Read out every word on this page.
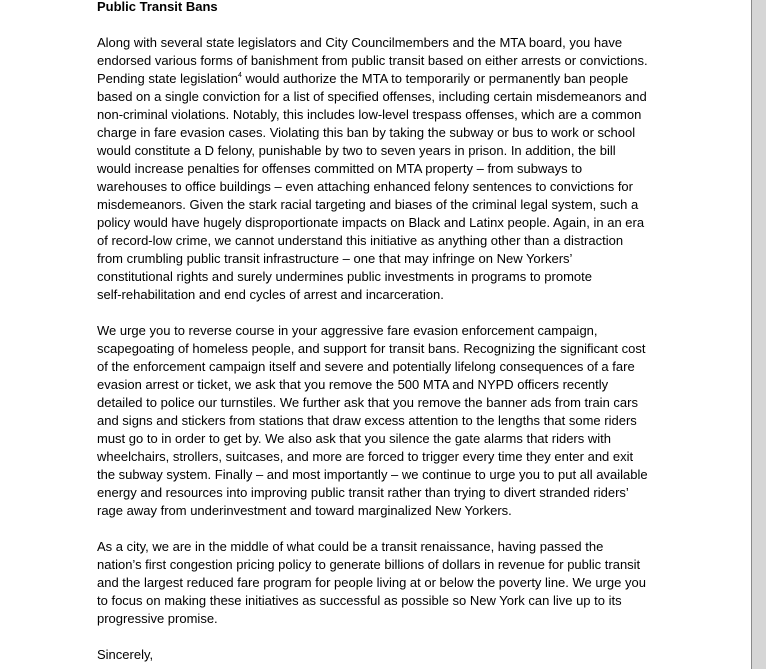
Public Transit Bans

Along with several state legislators and City Councilmembers and the MTA board, you have
endorsed various forms of banishment from public transit based on either arrests or convictions.
Pending state legislation$^4$ would authorize the MTA to temporarily or permanently ban people
based on a single conviction for a list of specified offenses, including certain misdemeanors and
non-criminal violations. Notably, this includes low-level trespass offenses, which are a common
charge in fare evasion cases. Violating this ban by taking the subway or bus to work or school
would constitute a D felony, punishable by two to seven years in prison. In addition, the bill
would increase penalties for offenses committed on MTA property – from subways to
warehouses to office buildings – even attaching enhanced felony sentences to convictions for
misdemeanors. Given the stark racial targeting and biases of the criminal legal system, such a
policy would have hugely disproportionate impacts on Black and Latinx people. Again, in an era
of record-low crime, we cannot understand this initiative as anything other than a distraction
from crumbling public transit infrastructure – one that may infringe on New Yorkers’
constitutional rights and surely undermines public investments in programs to promote
self-rehabilitation and end cycles of arrest and incarceration.

We urge you to reverse course in your aggressive fare evasion enforcement campaign,
scapegoating of homeless people, and support for transit bans. Recognizing the significant cost
of the enforcement campaign itself and severe and potentially lifelong consequences of a fare
evasion arrest or ticket, we ask that you remove the 500 MTA and NYPD officers recently
detailed to police our turnstiles. We further ask that you remove the banner ads from train cars
and signs and stickers from stations that draw excess attention to the lengths that some riders
must go to in order to get by. We also ask that you silence the gate alarms that riders with
wheelchairs, strollers, suitcases, and more are forced to trigger every time they enter and exit
the subway system. Finally – and most importantly – we continue to urge you to put all available
energy and resources into improving public transit rather than trying to divert stranded riders’
rage away from underinvestment and toward marginalized New Yorkers.

As a city, we are in the middle of what could be a transit renaissance, having passed the
nation’s first congestion pricing policy to generate billions of dollars in revenue for public transit
and the largest reduced fare program for people living at or below the poverty line. We urge you
to focus on making these initiatives as successful as possible so New York can live up to its
progressive promise.

Sincerely,
